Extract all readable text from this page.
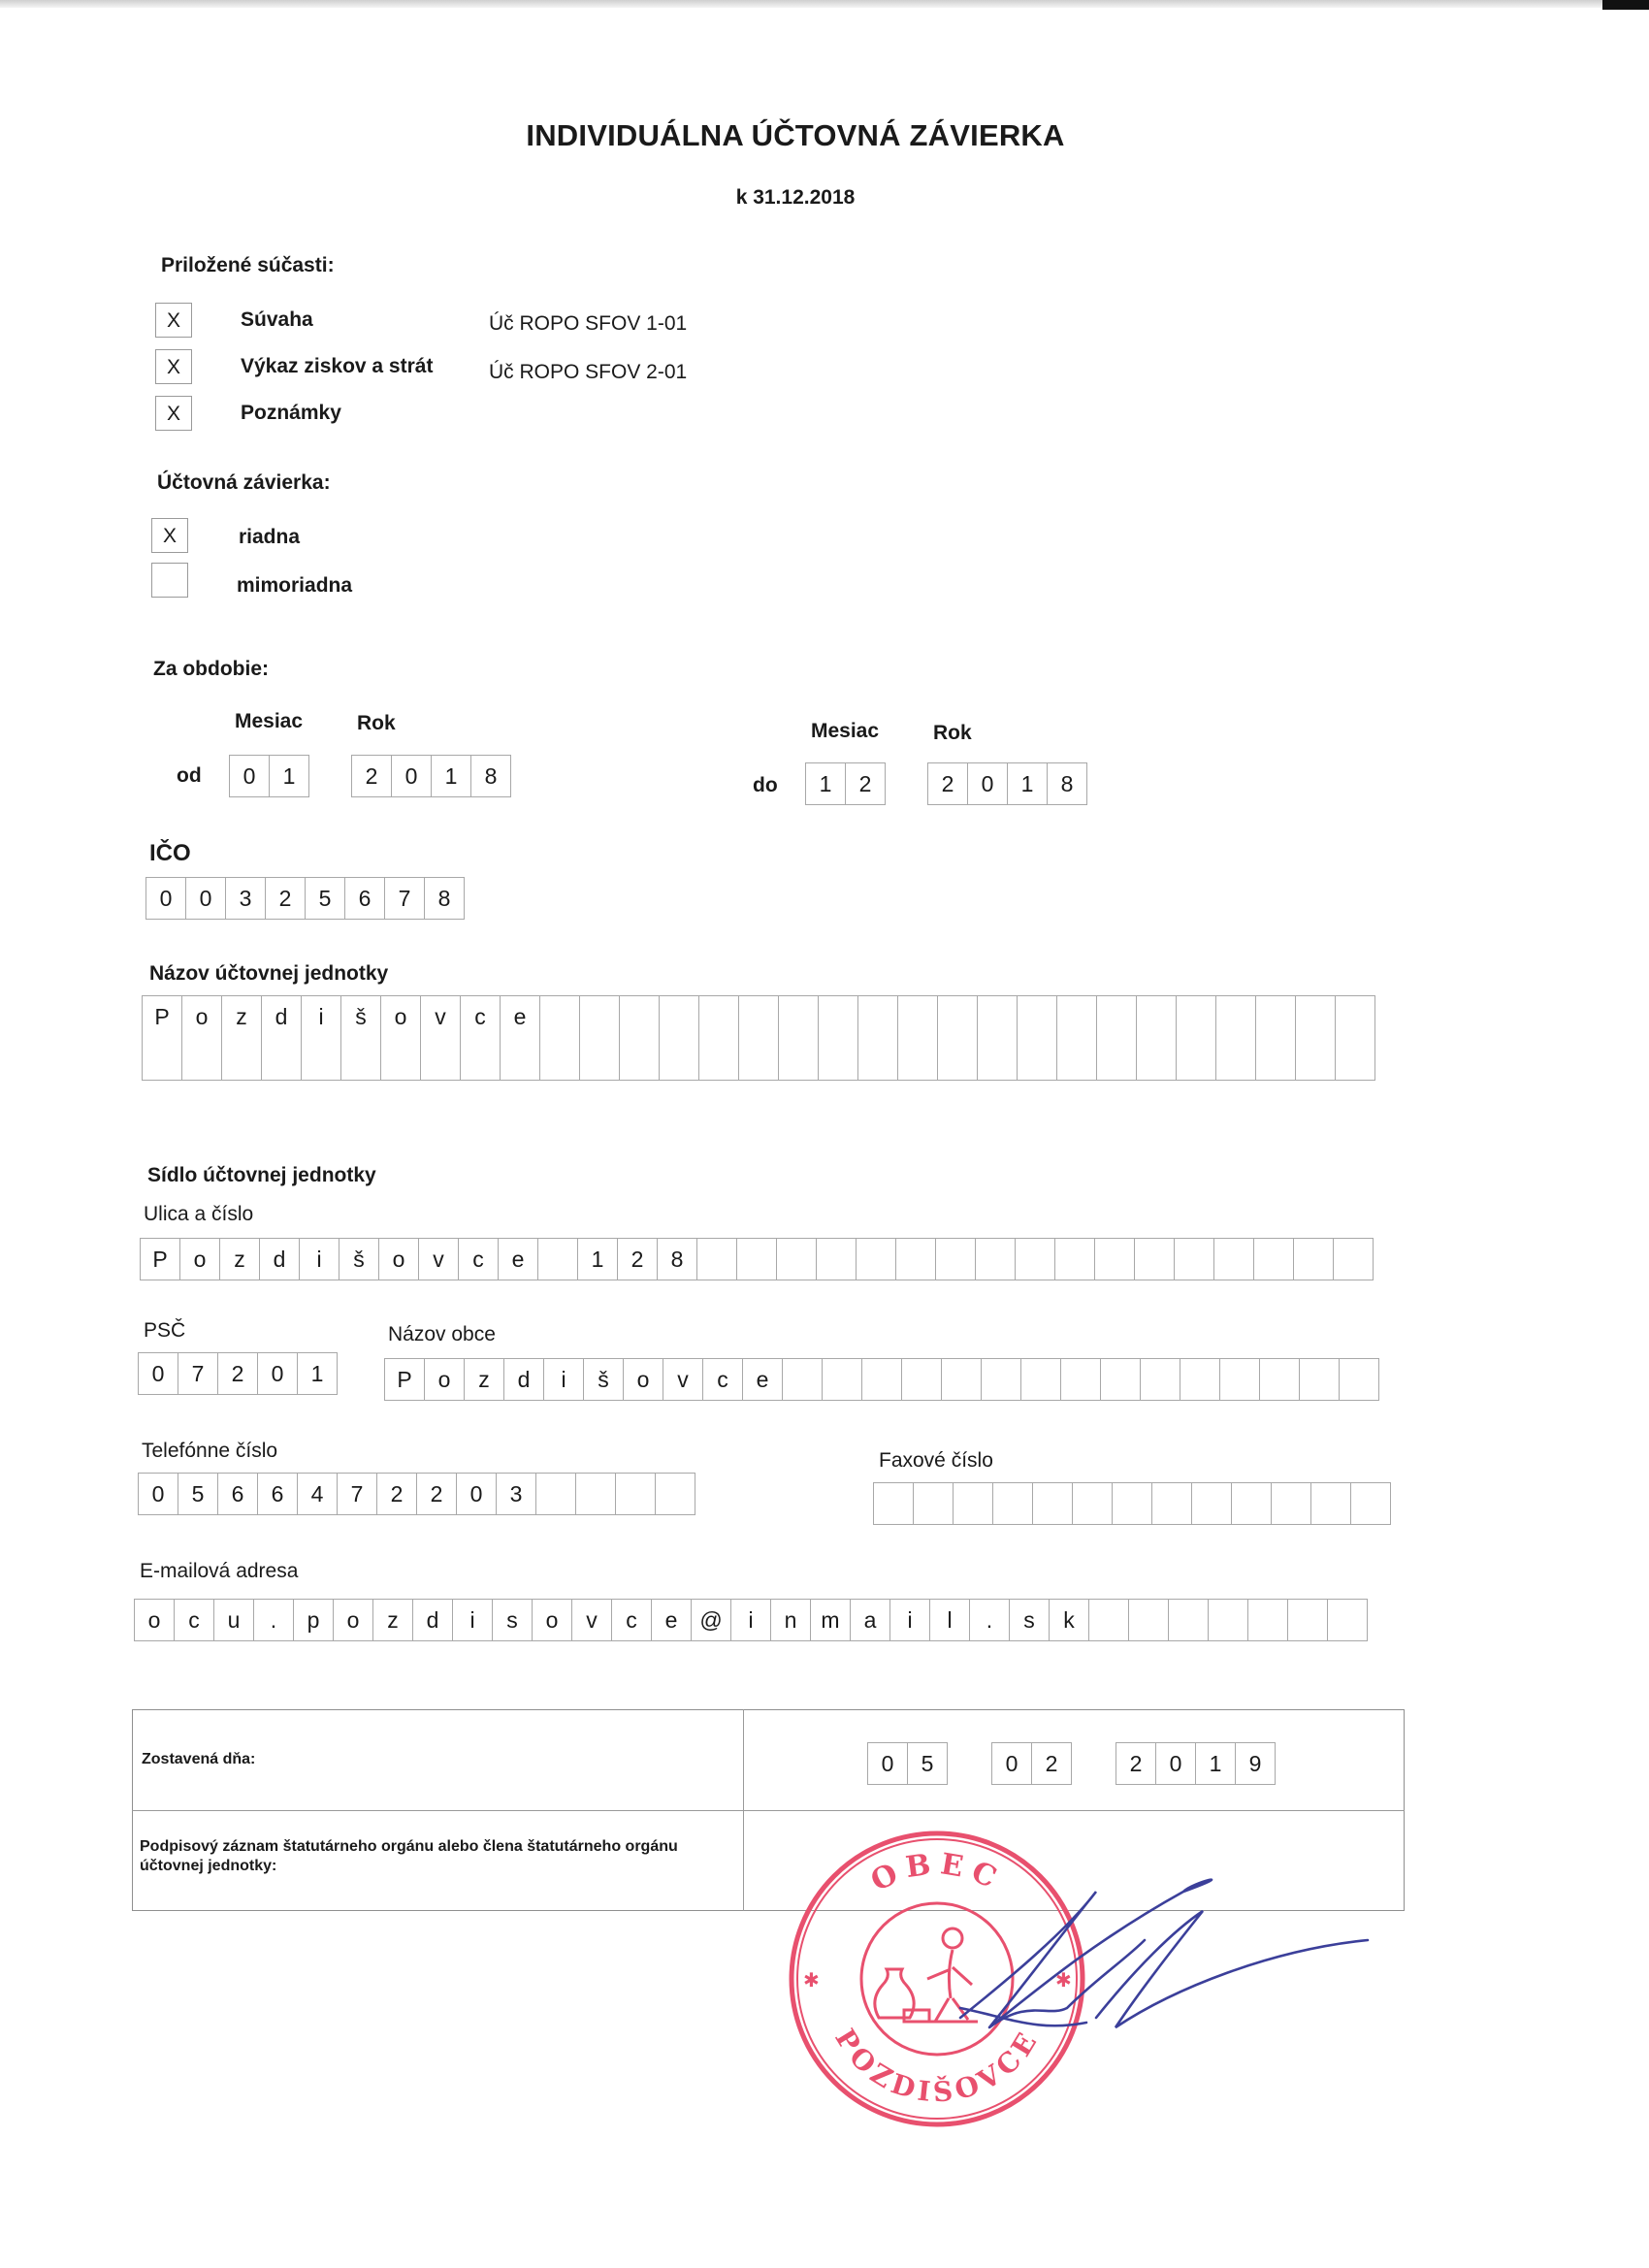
INDIVIDUÁLNA ÚČTOVNÁ ZÁVIERKA
k 31.12.2018
Priložené súčasti:
X	Súvaha	Úč ROPO SFOV 1-01
X	Výkaz ziskov a strát	Úč ROPO SFOV 2-01
X	Poznámky
Účtovná závierka:
X	riadna
mimoriadna
Za obdobie:
Mesiac	Rok
od	0	1	2	0	1	8
Mesiac	Rok
do	1	2	2	0	1	8
IČO
0	0	3	2	5	6	7	8
Názov účtovnej jednotky
P	o	z	d	i	š	o	v	c	e
Sídlo účtovnej jednotky
Ulica a číslo
P	o	z	d	i	š	o	v	c	e	1	2	8
PSČ
0	7	2	0	1
Názov obce
P	o	z	d	i	š	o	v	c	e
Telefónne číslo
0	5	6	6	4	7	2	2	0	3
Faxové číslo
E-mailová adresa
o	c	u	.	p	o	z	d	i	s	o	v	c	e @	i	n	m	a	i	l	.	s	k
Zostavená dňa:	0	5	0	2	2	0	1	9
Podpisový záznam štatutárneho orgánu alebo člena štatutárneho orgánu účtovnej jednotky:	OBEC
POZDIŠOVCE
✱	✱
